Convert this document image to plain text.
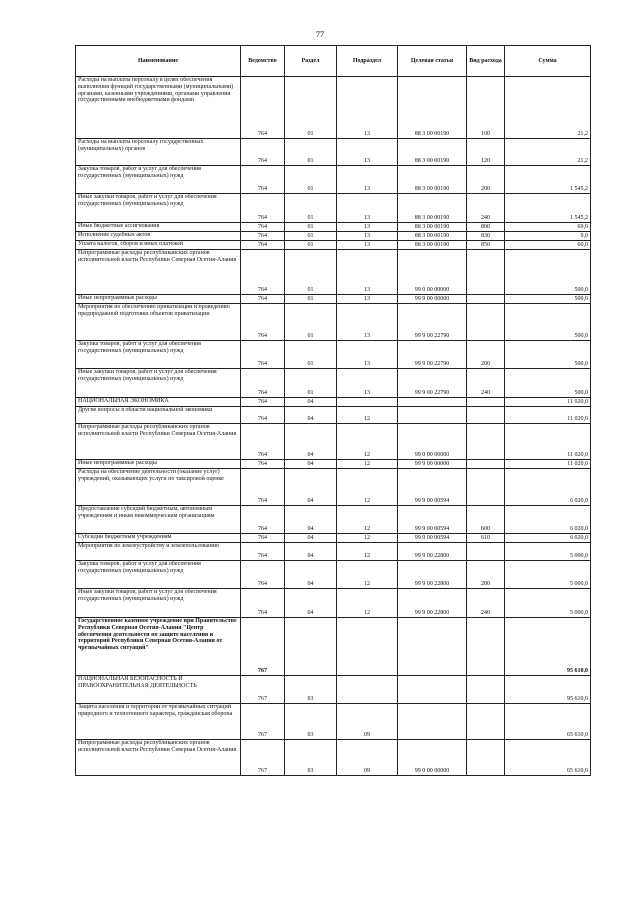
77
Наименование	Ведомство	Раздел	Подраздел	Целевая статья	Вид расхода	Сумма
Расходы на выплаты персоналу в целях обеспечения выполнения функций государственными (муниципальными) органами, казенными учреждениями, органами управления государственными внебюджетными фондами	764	01	13	88 3 00 00190	100	21,2
Расходы на выплаты персоналу государственных (муниципальных) органов	764	01	13	88 3 00 00190	120	21,2
Закупка товаров, работ и услуг для обеспечения государственных (муниципальных) нужд	764	01	13	88 3 00 00190	200	1 545,2
Иные закупки товаров, работ и услуг для обеспечения государственных (муниципальных) нужд	764	01	13	88 3 00 00190	240	1 545,2
Иные бюджетные ассигнования	764	01	13	88 3 00 00190	800	69,0
Исполнение судебных актов	764	01	13	88 3 00 00190	830	9,0
Уплата налогов, сборов и иных платежей	764	01	13	88 3 00 00190	850	60,0
Непрограммные расходы республиканских органов исполнительной власти Республики Северная Осетия-Алания	764	01	13	99 0 00 00000		500,0
Иные непрограммные расходы	764	01	13	99 9 00 00000		500,0
Мероприятия по обеспечению приватизации и проведению предпродажной подготовки объектов приватизации	764	01	13	99 9 00 22790		500,0
Закупка товаров, работ и услуг для обеспечения государственных (муниципальных) нужд	764	01	13	99 9 00 22790	200	500,0
Иные закупки товаров, работ и услуг для обеспечения государственных (муниципальных) нужд	764	01	13	99 9 00 22790	240	500,0
НАЦИОНАЛЬНАЯ ЭКОНОМИКА	764	04				11 020,0
Другие вопросы в области национальной экономики	764	04	12			11 020,0
Непрограммные расходы республиканских органов исполнительной власти Республики Северная Осетия-Алания	764	04	12	99 0 00 00000		11 020,0
Иные непрограммные расходы	764	04	12	99 9 00 00000		11 020,0
Расходы на обеспечение деятельности (оказание услуг) учреждений, оказывающих услуги по таксировой оценке	764	04	12	99 9 00 00594		6 020,0
Предоставление субсидий бюджетным, автономным учреждениям и иным некоммерческим организациям	764	04	12	99 9 00 00594	600	6 020,0
Субсидии бюджетным учреждениям	764	04	12	99 9 00 00594	610	6 020,0
Мероприятия по землеустройству и землепользованию	764	04	12	99 9 00 22800		5 000,0
Закупка товаров, работ и услуг для обеспечения государственных (муниципальных) нужд	764	04	12	99 9 00 22800	200	5 000,0
Иные закупки товаров, работ и услуг для обеспечения государственных (муниципальных) нужд	764	04	12	99 9 00 22800	240	5 000,0
Государственное казенное учреждение при Правительстве Республики Северная Осетия-Алания "Центр обеспечения деятельности по защите населения и территорий Республики Северная Осетия-Алания от чрезвычайных ситуаций"	767					95 610,0
НАЦИОНАЛЬНАЯ БЕЗОПАСНОСТЬ И ПРАВООХРАНИТЕЛЬНАЯ ДЕЯТЕЛЬНОСТЬ	767	03				95 610,0
Защита населения и территории от чрезвычайных ситуаций природного и техногенного характера, гражданская оборона	767	03	09			65 610,0
Непрограммные расходы республиканских органов исполнительной власти Республики Северная Осетия-Алания	767	03	09	99 0 00 00000		65 610,0
